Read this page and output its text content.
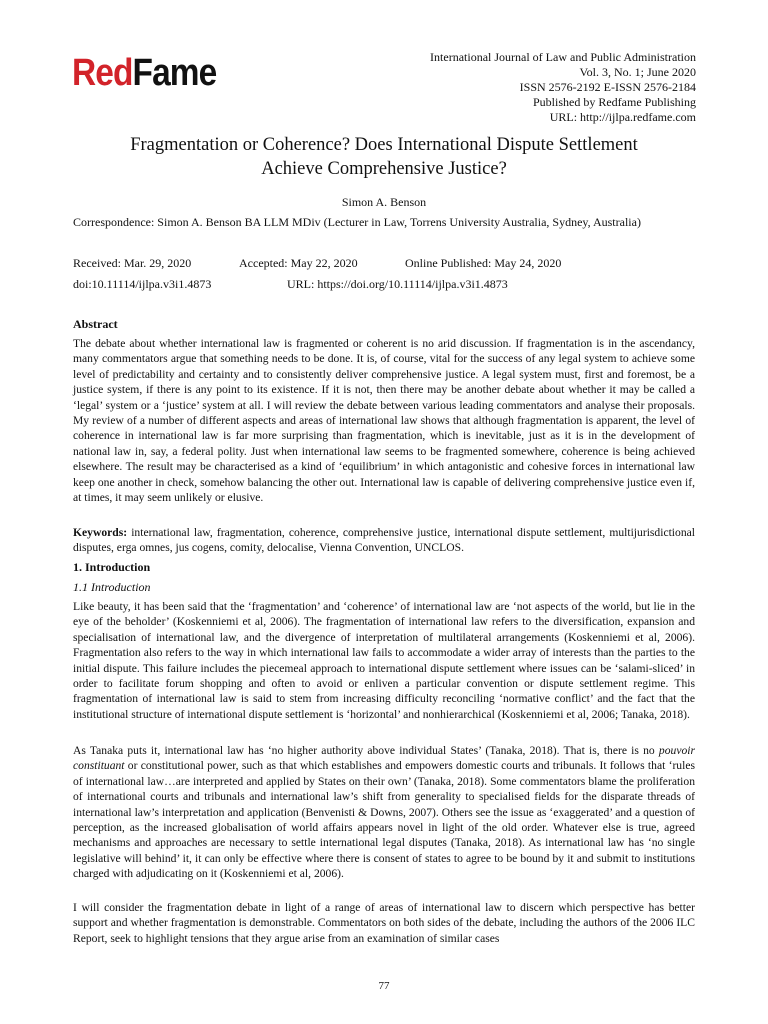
RedFame	International Journal of Law and Public Administration
Vol. 3, No. 1; June 2020
ISSN 2576-2192 E-ISSN 2576-2184
Published by Redfame Publishing
URL: http://ijlpa.redfame.com
Fragmentation or Coherence? Does International Dispute Settlement
Achieve Comprehensive Justice?
Simon A. Benson
Correspondence: Simon A. Benson BA LLM MDiv (Lecturer in Law, Torrens University Australia, Sydney, Australia)
Received: Mar. 29, 2020	Accepted: May 22, 2020	Online Published: May 24, 2020
doi:10.11114/ijlpa.v3i1.4873	URL: https://doi.org/10.11114/ijlpa.v3i1.4873
Abstract
The debate about whether international law is fragmented or coherent is no arid discussion. If fragmentation is in the ascendancy, many commentators argue that something needs to be done. It is, of course, vital for the success of any legal system to achieve some level of predictability and certainty and to consistently deliver comprehensive justice. A legal system must, first and foremost, be a justice system, if there is any point to its existence. If it is not, then there may be another debate about whether it may be called a ‘legal’ system or a ‘justice’ system at all. I will review the debate between various leading commentators and analyse their proposals. My review of a number of different aspects and areas of international law shows that although fragmentation is apparent, the level of coherence in international law is far more surprising than fragmentation, which is inevitable, just as it is in the development of national law in, say, a federal polity. Just when international law seems to be fragmented somewhere, coherence is being achieved elsewhere. The result may be characterised as a kind of ‘equilibrium’ in which antagonistic and cohesive forces in international law keep one another in check, somehow balancing the other out. International law is capable of delivering comprehensive justice even if, at times, it may seem unlikely or elusive.
Keywords: international law, fragmentation, coherence, comprehensive justice, international dispute settlement, multijurisdictional disputes, erga omnes, jus cogens, comity, delocalise, Vienna Convention, UNCLOS.
1. Introduction
1.1 Introduction
Like beauty, it has been said that the ‘fragmentation’ and ‘coherence’ of international law are ‘not aspects of the world, but lie in the eye of the beholder’ (Koskenniemi et al, 2006). The fragmentation of international law refers to the diversification, expansion and specialisation of international law, and the divergence of interpretation of multilateral arrangements (Koskenniemi et al, 2006). Fragmentation also refers to the way in which international law fails to accommodate a wider array of interests than the parties to the initial dispute. This failure includes the piecemeal approach to international dispute settlement where issues can be ‘salami-sliced’ in order to facilitate forum shopping and often to avoid or enliven a particular convention or dispute settlement regime. This fragmentation of international law is said to stem from increasing difficulty reconciling ‘normative conflict’ and the fact that the institutional structure of international dispute settlement is ‘horizontal’ and nonhierarchical (Koskenniemi et al, 2006; Tanaka, 2018).
As Tanaka puts it, international law has ‘no higher authority above individual States’ (Tanaka, 2018). That is, there is no pouvoir constituant or constitutional power, such as that which establishes and empowers domestic courts and tribunals. It follows that ‘rules of international law…are interpreted and applied by States on their own’ (Tanaka, 2018). Some commentators blame the proliferation of international courts and tribunals and international law’s shift from generality to specialised fields for the disparate threads of international law’s interpretation and application (Benvenisti & Downs, 2007). Others see the issue as ‘exaggerated’ and a question of perception, as the increased globalisation of world affairs appears novel in light of the old order. Whatever else is true, agreed mechanisms and approaches are necessary to settle international legal disputes (Tanaka, 2018). As international law has ‘no single legislative will behind’ it, it can only be effective where there is consent of states to agree to be bound by it and submit to institutions charged with adjudicating on it (Koskenniemi et al, 2006).
I will consider the fragmentation debate in light of a range of areas of international law to discern which perspective has better support and whether fragmentation is demonstrable. Commentators on both sides of the debate, including the authors of the 2006 ILC Report, seek to highlight tensions that they argue arise from an examination of similar cases
77
